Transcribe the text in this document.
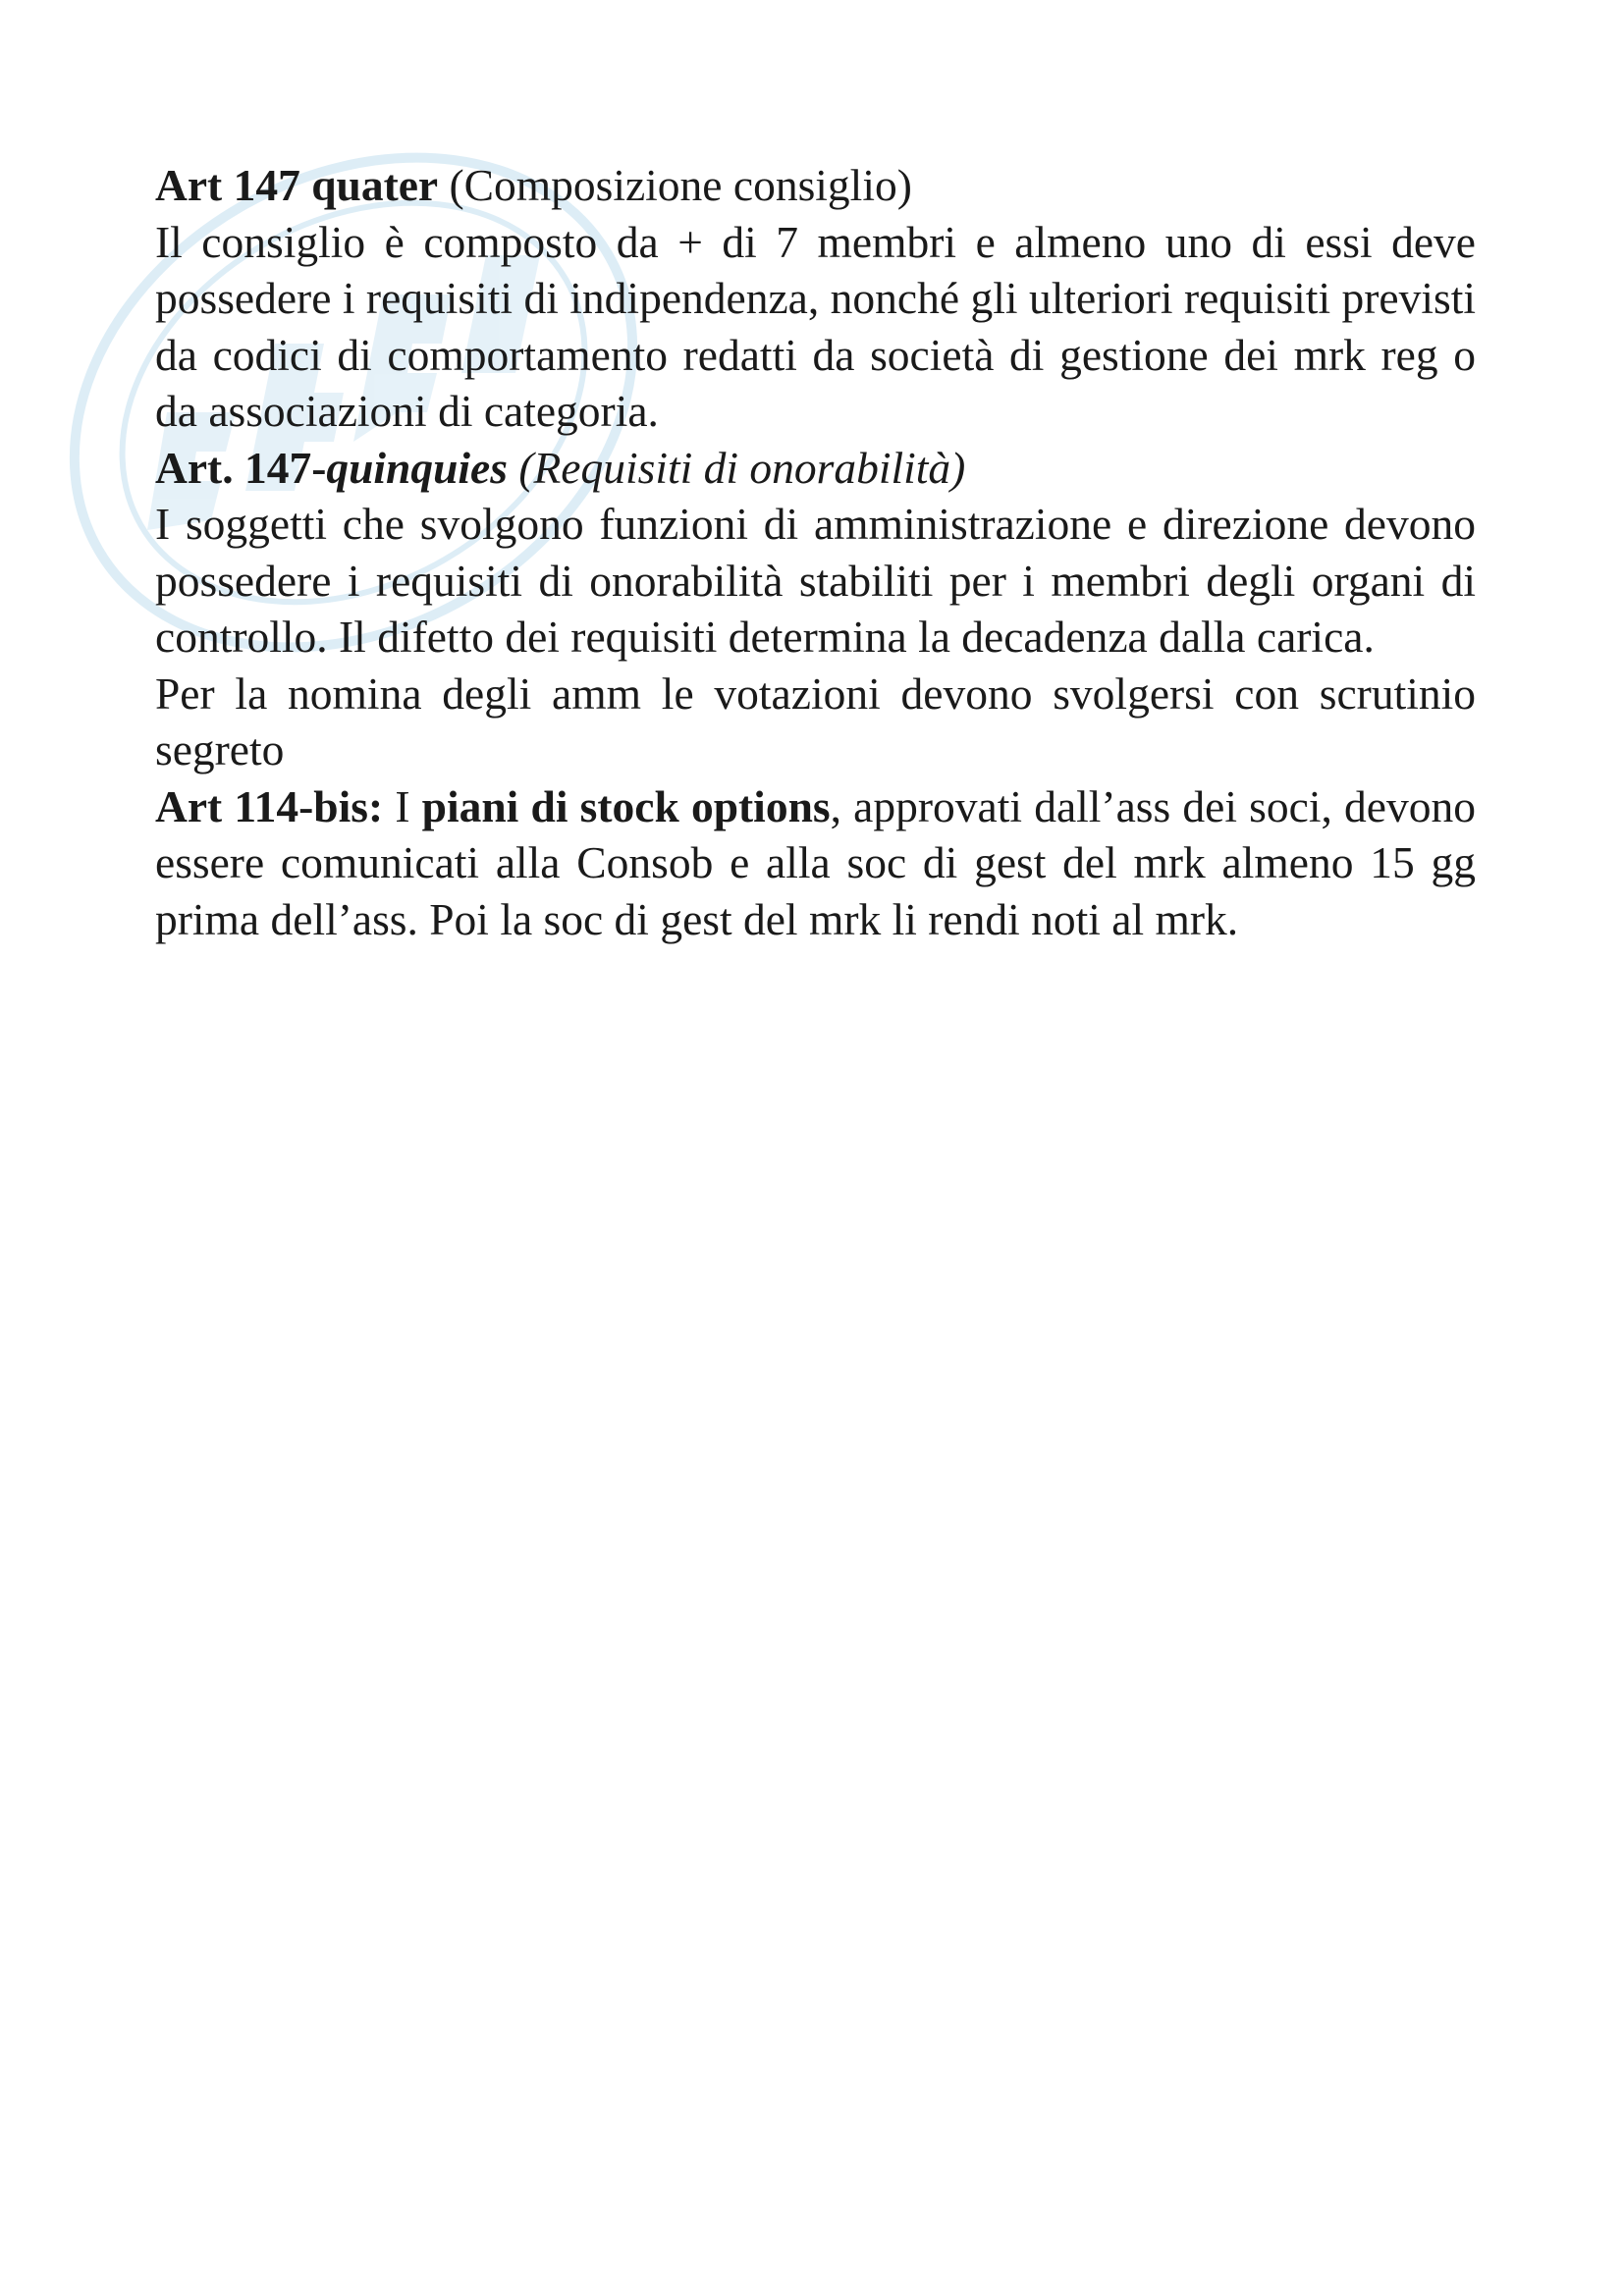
Art 147 quater (Composizione consiglio)
Il consiglio è composto da + di 7 membri e almeno uno di essi deve possedere i requisiti di indipendenza, nonché gli ulteriori requisiti previsti da codici di comportamento redatti da società di gestione dei mrk reg o da associazioni di categoria.

Art. 147-quinquies (Requisiti di onorabilità)
I soggetti che svolgono funzioni di amministrazione e direzione devono possedere i requisiti di onorabilità stabiliti per i membri degli organi di controllo. Il difetto dei requisiti determina la decadenza dalla carica.

Per la nomina degli amm le votazioni devono svolgersi con scrutinio segreto

Art 114-bis: I piani di stock options, approvati dall’ass dei soci, devono essere comunicati alla Consob e alla soc di gest del mrk almeno 15 gg prima dell’ass. Poi la soc di gest del mrk li rendi noti al mrk.
